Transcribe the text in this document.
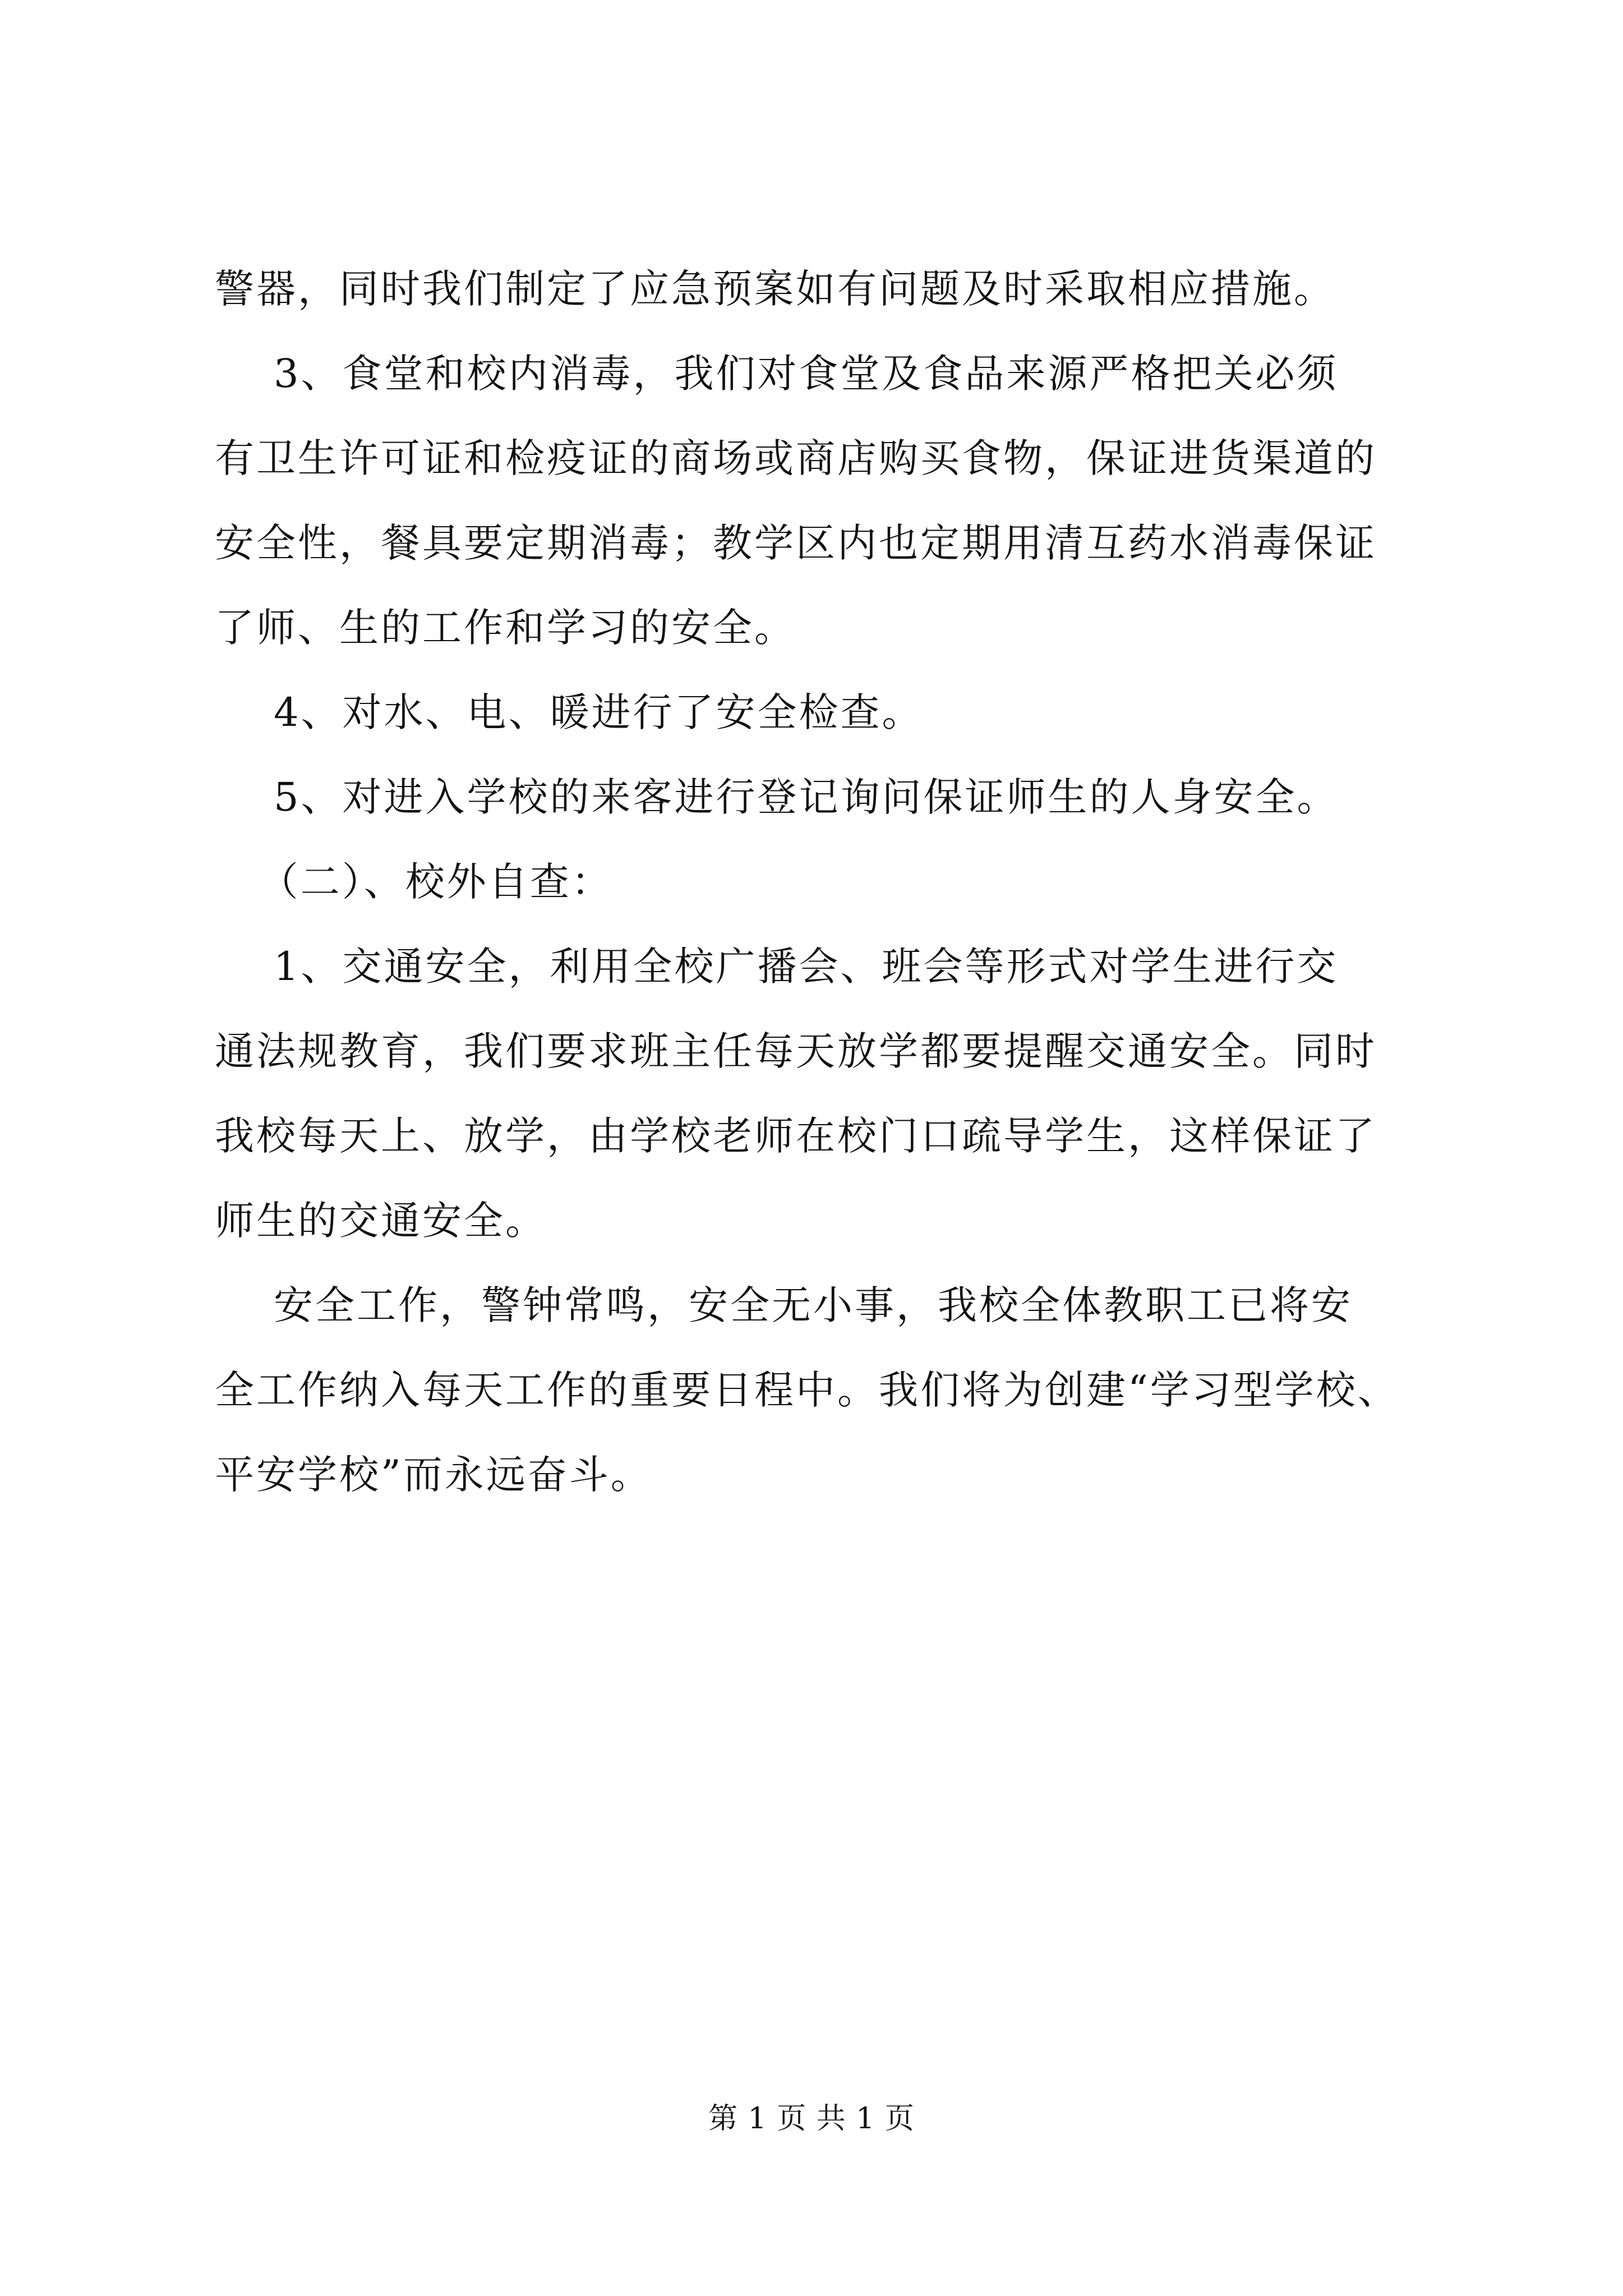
警器，同时我们制定了应急预案如有问题及时采取相应措施。
3、食堂和校内消毒，我们对食堂及食品来源严格把关必须
有卫生许可证和检疫证的商场或商店购买食物，保证进货渠道的
安全性，餐具要定期消毒；教学区内也定期用清互药水消毒保证
了师、生的工作和学习的安全。
4、对水、电、暖进行了安全检查。
5、对进入学校的来客进行登记询问保证师生的人身安全。
（二）、校外自查：
1、交通安全，利用全校广播会、班会等形式对学生进行交
通法规教育，我们要求班主任每天放学都要提醒交通安全。同时
我校每天上、放学，由学校老师在校门口疏导学生，这样保证了
师生的交通安全。
安全工作，警钟常鸣，安全无小事，我校全体教职工已将安
全工作纳入每天工作的重要日程中。我们将为创建“学习型学校、
平安学校”而永远奋斗。
第 1 页 共 1 页
